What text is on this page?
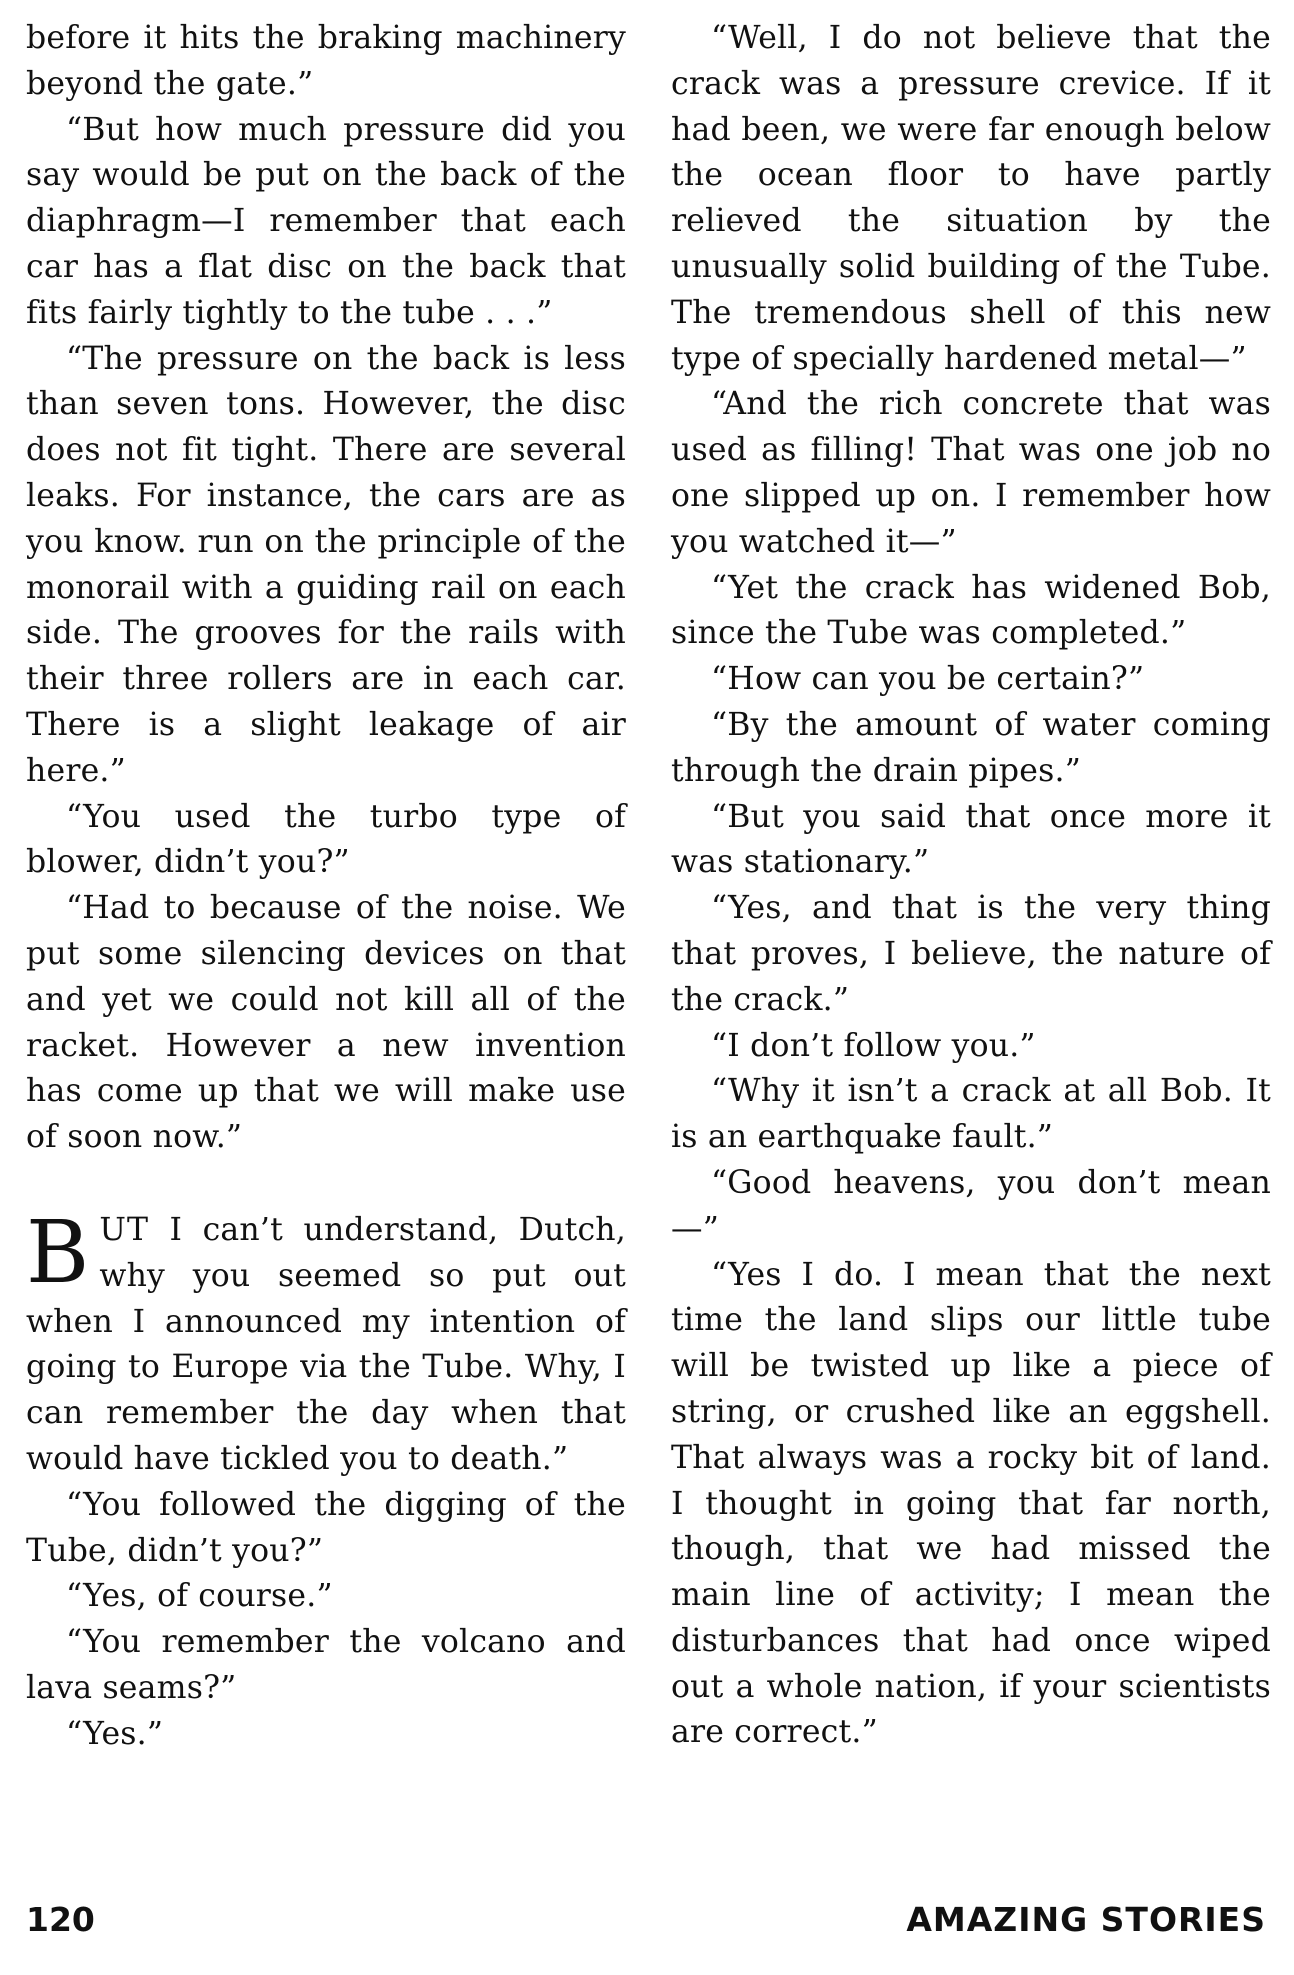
before it hits the braking machinery beyond the gate.”

“But how much pressure did you say would be put on the back of the diaphragm—I remember that each car has a flat disc on the back that fits fairly tightly to the tube . . .”

“The pressure on the back is less than seven tons. However, the disc does not fit tight. There are several leaks. For instance, the cars are as you know. run on the principle of the monorail with a guiding rail on each side. The grooves for the rails with their three rollers are in each car. There is a slight leakage of air here.”

“You used the turbo type of blower, didn’t you?”

“Had to because of the noise. We put some silencing devices on that and yet we could not kill all of the racket. However a new invention has come up that we will make use of soon now.”

BUT I can’t understand, Dutch, why you seemed so put out when I announced my intention of going to Europe via the Tube. Why, I can remember the day when that would have tickled you to death.”

“You followed the digging of the Tube, didn’t you?”

“Yes, of course.”

“You remember the volcano and lava seams?”

“Yes.”

“Well, I do not believe that the crack was a pressure crevice. If it had been, we were far enough below the ocean floor to have partly relieved the situation by the unusually solid building of the Tube. The tremendous shell of this new type of specially hardened metal—”

“And the rich concrete that was used as filling! That was one job no one slipped up on. I remember how you watched it—”

“Yet the crack has widened Bob, since the Tube was completed.”

“How can you be certain?”

“By the amount of water coming through the drain pipes.”

“But you said that once more it was stationary.”

“Yes, and that is the very thing that proves, I believe, the nature of the crack.”

“I don’t follow you.”

“Why it isn’t a crack at all Bob. It is an earthquake fault.”

“Good heavens, you don’t mean—”

“Yes I do. I mean that the next time the land slips our little tube will be twisted up like a piece of string, or crushed like an eggshell. That always was a rocky bit of land. I thought in going that far north, though, that we had missed the main line of activity; I mean the disturbances that had once wiped out a whole nation, if your scientists are correct.”

120	AMAZING STORIES
